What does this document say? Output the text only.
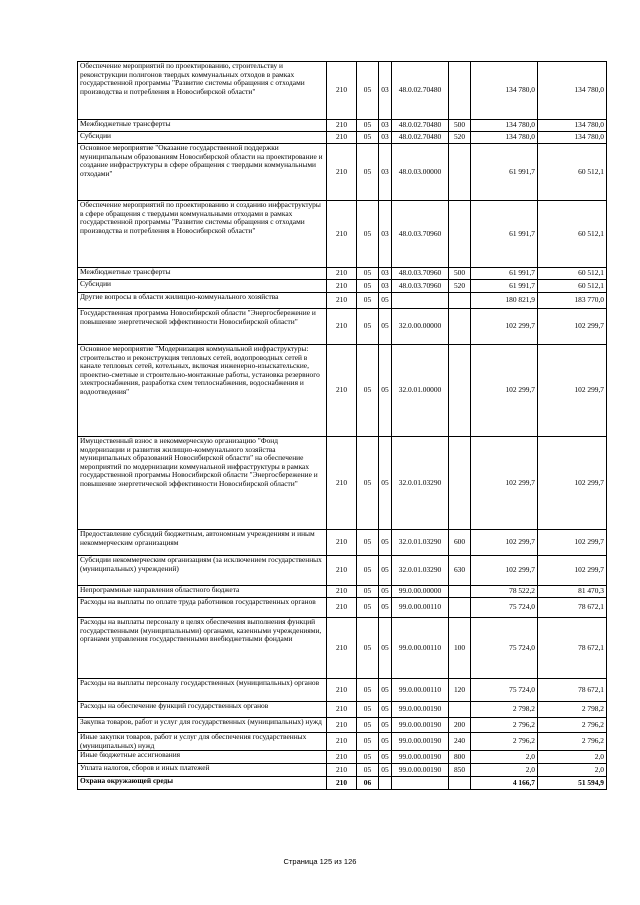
Обеспечение мероприятий по проектированию, строительству и реконструкции полигонов твердых коммунальных отходов в рамках государственной программы "Развитие системы обращения с отходами производства и потребления в Новосибирской области"	210	05	03	48.0.02.70480		134 780,0	134 780,0
Межбюджетные трансферты	210	05	03	48.0.02.70480	500	134 780,0	134 780,0
Субсидии	210	05	03	48.0.02.70480	520	134 780,0	134 780,0
Основное мероприятие "Оказание государственной поддержки муниципальным образованиям Новосибирской области на проектирование и создание инфраструктуры в сфере обращения с твердыми коммунальными отходами"	210	05	03	48.0.03.00000		61 991,7	60 512,1
Обеспечение мероприятий по проектированию и созданию инфраструктуры в сфере обращения с твердыми коммунальными отходами в рамках государственной программы "Развитие системы обращения с отходами производства и потребления в Новосибирской области"	210	05	03	48.0.03.70960		61 991,7	60 512,1
Межбюджетные трансферты	210	05	03	48.0.03.70960	500	61 991,7	60 512,1
Субсидии	210	05	03	48.0.03.70960	520	61 991,7	60 512,1
Другие вопросы в области жилищно-коммунального хозяйства	210	05	05			180 821,9	183 770,0
Государственная программа Новосибирской области "Энергосбережение и повышение энергетической эффективности Новосибирской области"	210	05	05	32.0.00.00000		102 299,7	102 299,7
Основное мероприятие "Модернизация коммунальной инфраструктуры: строительство и реконструкция тепловых сетей, водопроводных сетей в каналe тепловых сетей, котельных, включая инженерно-изыскательские, проектно-сметные и строительно-монтажные работы, установка резервного электроснабжения, разработка схем теплоснабжения, водоснабжения и водоотведения"	210	05	05	32.0.01.00000		102 299,7	102 299,7
Имущественный взнос в некоммерческую организацию "Фонд модернизации и развития жилищно-коммунального хозяйства муниципальных образований Новосибирской области" на обеспечение мероприятий по модернизации коммунальной инфраструктуры в рамках государственной программы Новосибирской области "Энергосбережение и повышение энергетической эффективности Новосибирской области"	210	05	05	32.0.01.03290		102 299,7	102 299,7
Предоставление субсидий бюджетным, автономным учреждениям и иным некоммерческим организациям	210	05	05	32.0.01.03290	600	102 299,7	102 299,7
Субсидии некоммерческим организациям (за исключением государственных (муниципальных) учреждений)	210	05	05	32.0.01.03290	630	102 299,7	102 299,7
Непрограммные направления областного бюджета	210	05	05	99.0.00.00000		78 522,2	81 470,3
Расходы на выплаты по оплате труда работников государственных органов	210	05	05	99.0.00.00110		75 724,0	78 672,1
Расходы на выплаты персоналу в целях обеспечения выполнения функций государственными (муниципальными) органами, казенными учреждениями, органами управления государственными внебюджетными фондами	210	05	05	99.0.00.00110	100	75 724,0	78 672,1
Расходы на выплаты персоналу государственных (муниципальных) органов	210	05	05	99.0.00.00110	120	75 724,0	78 672,1
Расходы на обеспечение функций государственных органов	210	05	05	99.0.00.00190		2 798,2	2 798,2
Закупка товаров, работ и услуг для государственных (муниципальных) нужд	210	05	05	99.0.00.00190	200	2 796,2	2 796,2
Иные закупки товаров, работ и услуг для обеспечения государственных (муниципальных) нужд	210	05	05	99.0.00.00190	240	2 796,2	2 796,2
Иные бюджетные ассигнования	210	05	05	99.0.00.00190	800	2,0	2,0
Уплата налогов, сборов и иных платежей	210	05	05	99.0.00.00190	850	2,0	2,0
Охрана окружающей среды	210	06				4 166,7	51 594,9
Страница 125 из 126
